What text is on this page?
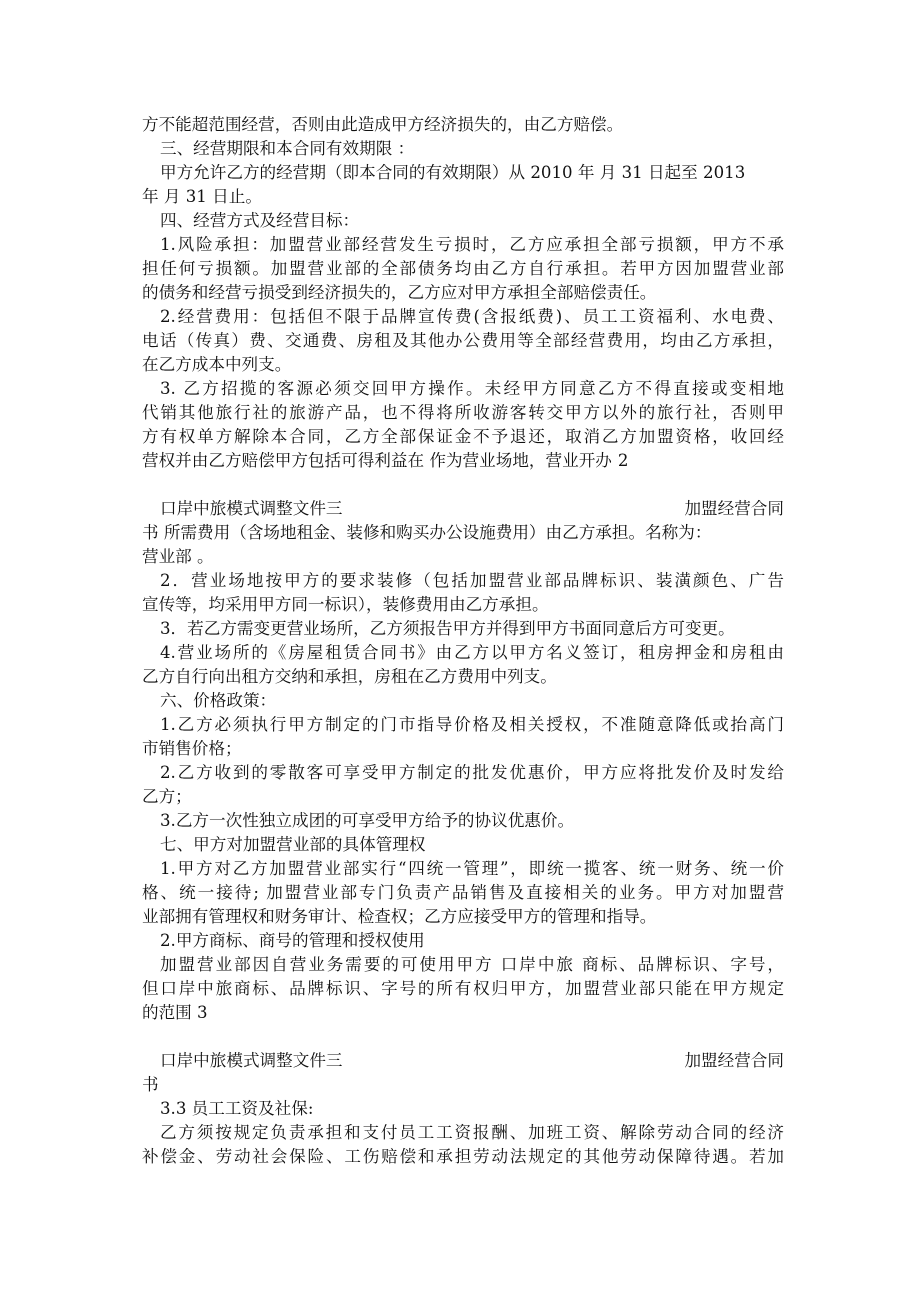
方不能超范围经营，否则由此造成甲方经济损失的，由乙方赔偿。
三、经营期限和本合同有效期限 ：
甲方允许乙方的经营期（即本合同的有效期限）从 2010 年 月 31 日起至 2013
年 月 31 日止。
四、经营方式及经营目标：
1.风险承担：加盟营业部经营发生亏损时，乙方应承担全部亏损额，甲方不承
担任何亏损额。加盟营业部的全部债务均由乙方自行承担。若甲方因加盟营业部
的债务和经营亏损受到经济损失的，乙方应对甲方承担全部赔偿责任。
2.经营费用：包括但不限于品牌宣传费(含报纸费)、员工工资福利、水电费、
电话（传真）费、交通费、房租及其他办公费用等全部经营费用，均由乙方承担，
在乙方成本中列支。
3. 乙方招揽的客源必须交回甲方操作。未经甲方同意乙方不得直接或变相地
代销其他旅行社的旅游产品，也不得将所收游客转交甲方以外的旅行社，否则甲
方有权单方解除本合同，乙方全部保证金不予退还，取消乙方加盟资格，收回经
营权并由乙方赔偿甲方包括可得利益在 作为营业场地，营业开办 2
口岸中旅模式调整文件三	加盟经营合同
书 所需费用（含场地租金、装修和购买办公设施费用）由乙方承担。名称为：
营业部 。
2．营业场地按甲方的要求装修（包括加盟营业部品牌标识、装潢颜色、广告
宣传等，均采用甲方同一标识），装修费用由乙方承担。
3．若乙方需变更营业场所，乙方须报告甲方并得到甲方书面同意后方可变更。
4.营业场所的《房屋租赁合同书》由乙方以甲方名义签订，租房押金和房租由
乙方自行向出租方交纳和承担，房租在乙方费用中列支。
六、价格政策：
1.乙方必须执行甲方制定的门市指导价格及相关授权，不准随意降低或抬高门
市销售价格；
2.乙方收到的零散客可享受甲方制定的批发优惠价，甲方应将批发价及时发给
乙方；
3.乙方一次性独立成团的可享受甲方给予的协议优惠价。
七、甲方对加盟营业部的具体管理权
1.甲方对乙方加盟营业部实行“四统一管理”，即统一揽客、统一财务、统一价
格、统一接待; 加盟营业部专门负责产品销售及直接相关的业务。甲方对加盟营
业部拥有管理权和财务审计、检查权；乙方应接受甲方的管理和指导。
2.甲方商标、商号的管理和授权使用
加盟营业部因自营业务需要的可使用甲方 口岸中旅 商标、品牌标识、字号，
但口岸中旅商标、品牌标识、字号的所有权归甲方，加盟营业部只能在甲方规定
的范围 3
口岸中旅模式调整文件三	加盟经营合同
书
3.3 员工工资及社保:
乙方须按规定负责承担和支付员工工资报酬、加班工资、解除劳动合同的经济
补偿金、劳动社会保险、工伤赔偿和承担劳动法规定的其他劳动保障待遇。若加
